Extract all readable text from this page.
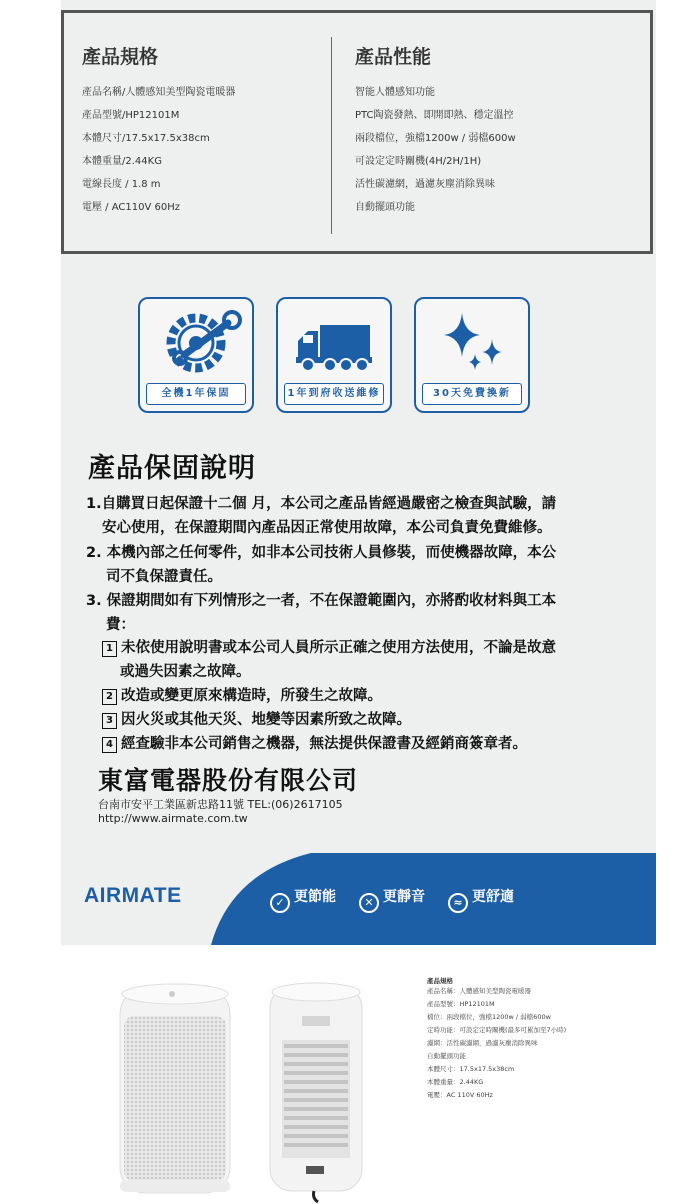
產品規格	產品性能
產品名稱/人體感知美型陶瓷電暖器
產品型號/HP12101M
本體尺寸/17.5x17.5x38cm
本體重量/2.44KG
電線長度 / 1.8 m
電壓 / AC110V 60Hz
智能人體感知功能
PTC陶瓷發熱、即開即熱、穩定溫控
兩段檔位，強檔1200w / 弱檔600w
可設定定時關機(4H/2H/1H)
活性碳濾網，過濾灰塵消除異味
自動擺頭功能
全機1年保固	1年到府收送維修	30天免費換新
產品保固說明
1.自購買日起保證十二個 月，本公司之產品皆經過嚴密之檢查與試驗，請
安心使用，在保證期間內產品因正常使用故障，本公司負責免費維修。
2. 本機內部之任何零件，如非本公司技術人員修裝，而使機器故障，本公
司不負保證責任。
3. 保證期間如有下列情形之一者，不在保證範圍內，亦將酌收材料與工本
費：
1 未依使用說明書或本公司人員所示正確之使用方法使用，不論是故意
或過失因素之故障。
2 改造或變更原來構造時，所發生之故障。
3 因火災或其他天災、地變等因素所致之故障。
4 經查驗非本公司銷售之機器，無法提供保證書及經銷商簽章者。
東富電器股份有限公司
台南市安平工業區新忠路11號 TEL:(06)2617105
http://www.airmate.com.tw
AIRMATE	✓ 更節能	✕ 更靜音	≈ 更舒適
產品規格
產品名稱：人體感知美型陶瓷電暖器
產品型號：HP12101M
檔位：兩段檔位，強檔1200w / 弱檔600w
定時功能：可設定定時關機(最多可累加至7小時)
濾網：活性碳濾網，過濾灰塵消除異味
自動擺頭功能
本體尺寸：17.5x17.5x38cm
本體重量：2.44KG
電壓：AC 110V 60Hz
